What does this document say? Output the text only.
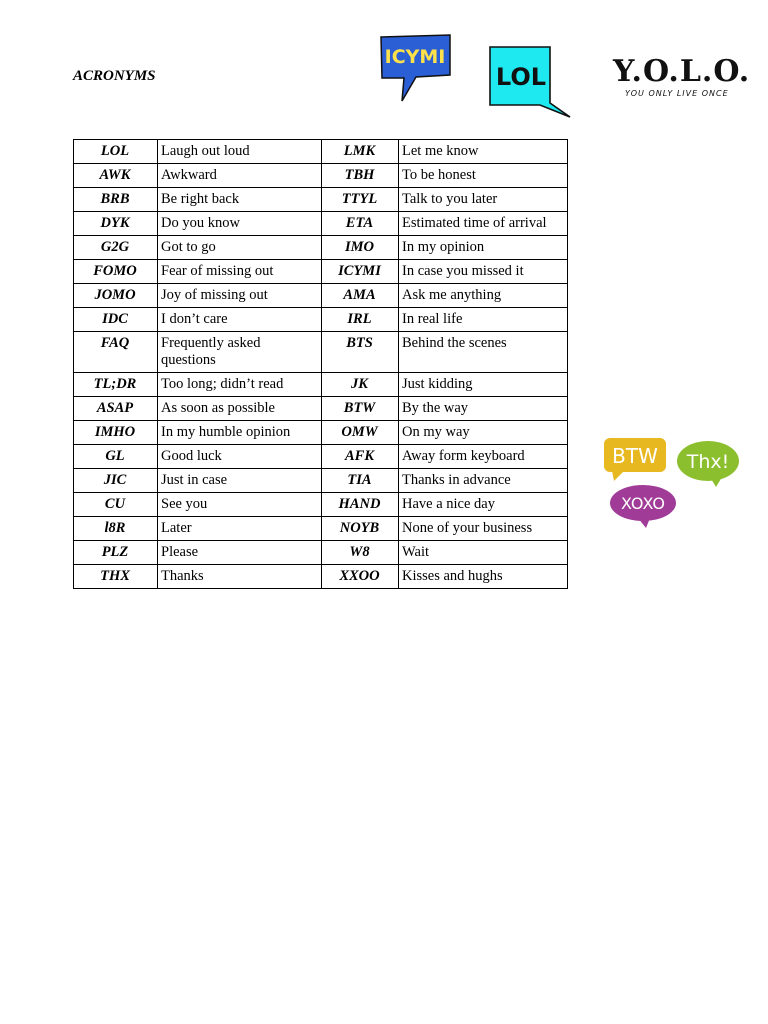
ACRONYMS
ICYMI
LOL Y.O.L.O.
YOU ONLY LIVE ONCE
BTW Thx!
XOXO
LOL	Laugh out loud	LMK	Let me know
AWK	Awkward	TBH	To be honest
BRB	Be right back	TTYL	Talk to you later
DYK	Do you know	ETA	Estimated time of arrival
G2G	Got to go	IMO	In my opinion
FOMO	Fear of missing out	ICYMI	In case you missed it
JOMO	Joy of missing out	AMA	Ask me anything
IDC	I don’t care	IRL	In real life
FAQ	Frequently asked questions	BTS	Behind the scenes
TL;DR	Too long; didn’t read	JK	Just kidding
ASAP	As soon as possible	BTW	By the way
IMHO	In my humble opinion	OMW	On my way
GL	Good luck	AFK	Away form keyboard
JIC	Just in case	TIA	Thanks in advance
CU	See you	HAND	Have a nice day
l8R	Later	NOYB	None of your business
PLZ	Please	W8	Wait
THX	Thanks	XXOO	Kisses and hughs
